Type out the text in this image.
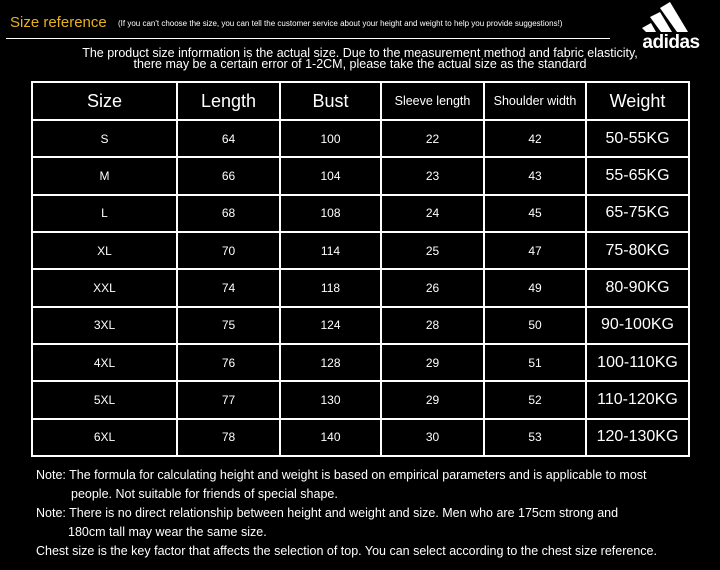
Size reference (If you can't choose the size, you can tell the customer service about your height and weight to help you provide suggestions!)
adidas
The product size information is the actual size. Due to the measurement method and fabric elasticity,
there may be a certain error of 1-2CM, please take the actual size as the standard
Size	Length	Bust	Sleeve length	Shoulder width	Weight
S	64	100	22	42	50-55KG
M	66	104	23	43	55-65KG
L	68	108	24	45	65-75KG
XL	70	114	25	47	75-80KG
XXL	74	118	26	49	80-90KG
3XL	75	124	28	50	90-100KG
4XL	76	128	29	51	100-110KG
5XL	77	130	29	52	110-120KG
6XL	78	140	30	53	120-130KG
Note: The formula for calculating height and weight is based on empirical parameters and is applicable to most
people. Not suitable for friends of special shape.
Note: There is no direct relationship between height and weight and size. Men who are 175cm strong and
180cm tall may wear the same size.
Chest size is the key factor that affects the selection of top. You can select according to the chest size reference.
